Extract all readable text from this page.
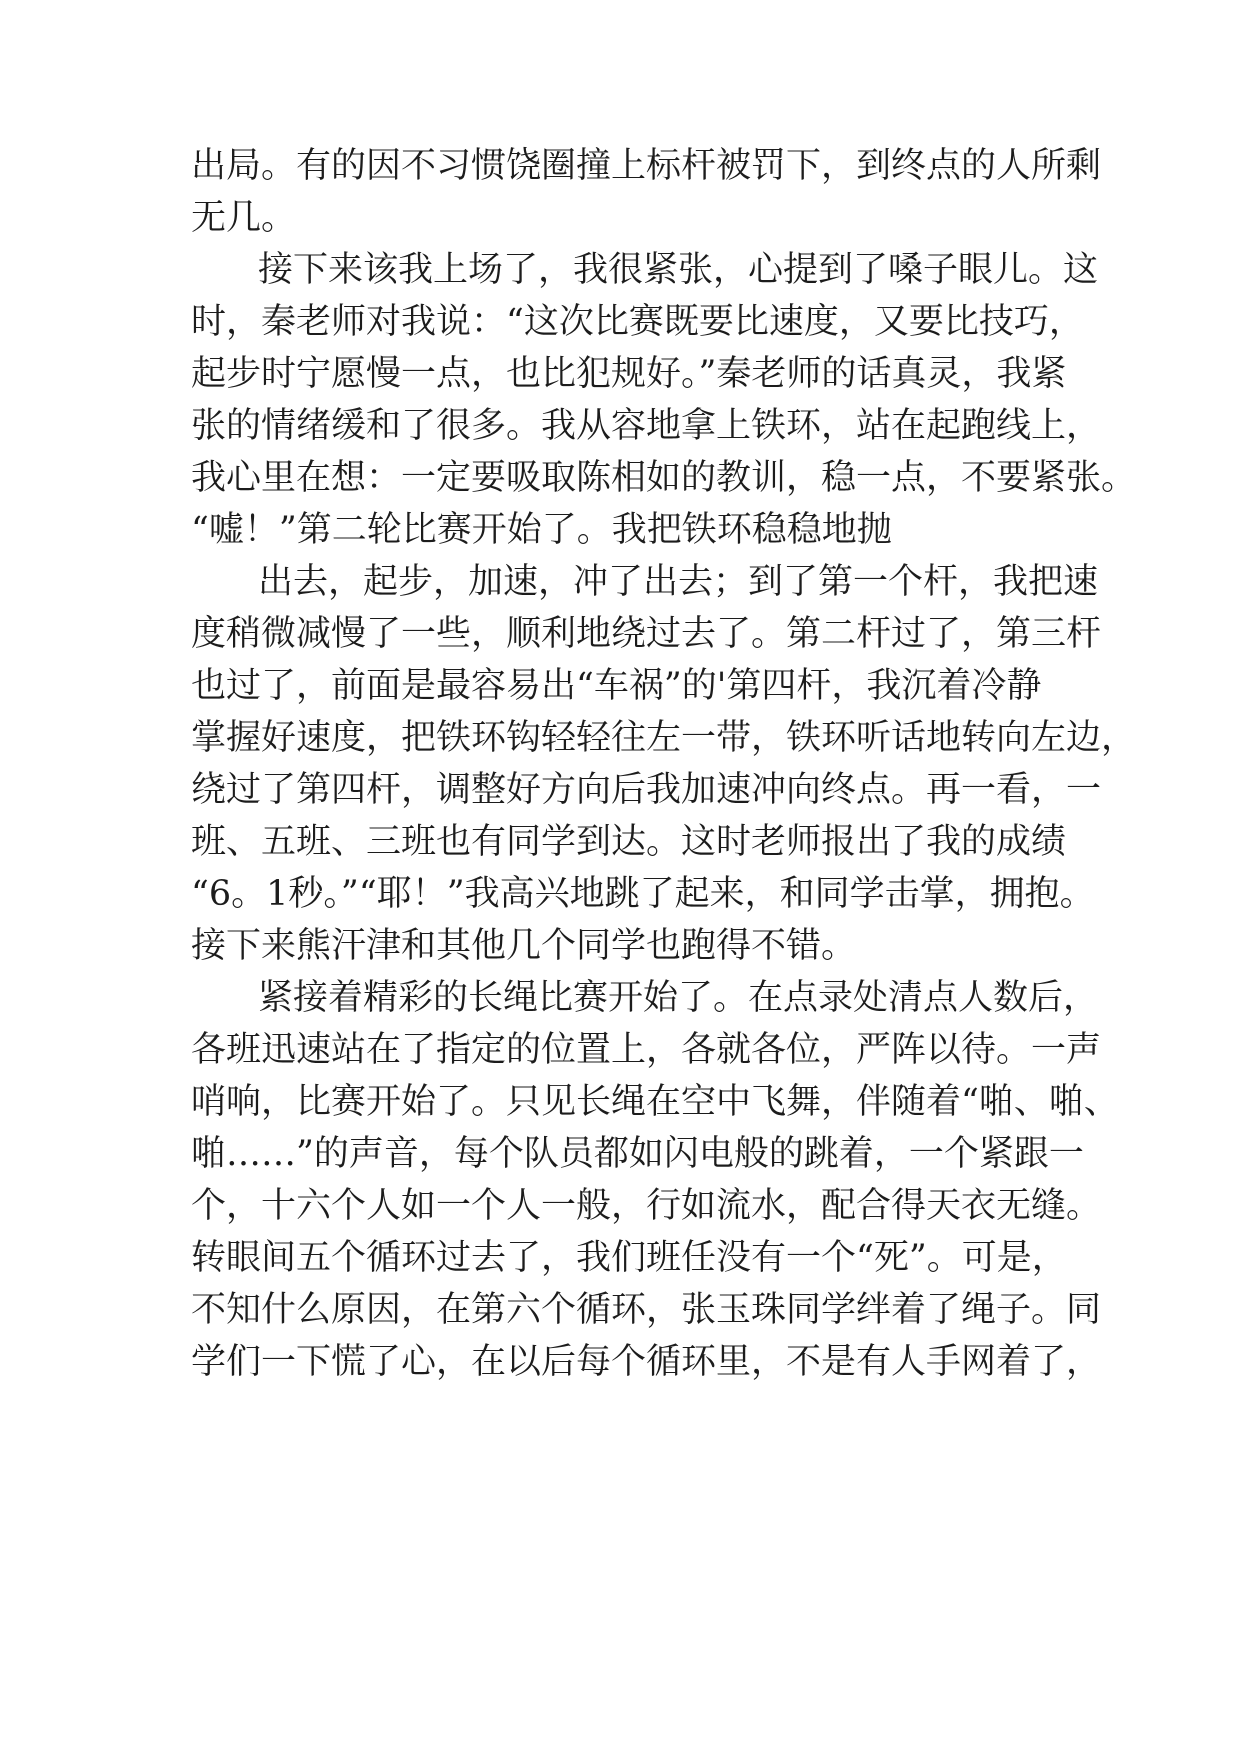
出局。有的因不习惯饶圈撞上标杆被罚下，到终点的人所剩
无几。
接下来该我上场了，我很紧张，心提到了嗓子眼儿。这
时，秦老师对我说：“这次比赛既要比速度，又要比技巧，
起步时宁愿慢一点，也比犯规好。”秦老师的话真灵，我紧
张的情绪缓和了很多。我从容地拿上铁环，站在起跑线上，
我心里在想：一定要吸取陈相如的教训，稳一点，不要紧张。
“嘘！”第二轮比赛开始了。我把铁环稳稳地抛
出去，起步，加速，冲了出去；到了第一个杆，我把速
度稍微减慢了一些，顺利地绕过去了。第二杆过了，第三杆
也过了，前面是最容易出“车祸”的'第四杆，我沉着冷静
掌握好速度，把铁环钩轻轻往左一带，铁环听话地转向左边，
绕过了第四杆，调整好方向后我加速冲向终点。再一看，一
班、五班、三班也有同学到达。这时老师报出了我的成绩
“6。1秒。”“耶！”我高兴地跳了起来，和同学击掌，拥抱。
接下来熊汗津和其他几个同学也跑得不错。
紧接着精彩的长绳比赛开始了。在点录处清点人数后，
各班迅速站在了指定的位置上，各就各位，严阵以待。一声
哨响，比赛开始了。只见长绳在空中飞舞，伴随着“啪、啪、
啪……”的声音，每个队员都如闪电般的跳着，一个紧跟一
个，十六个人如一个人一般，行如流水，配合得天衣无缝。
转眼间五个循环过去了，我们班任没有一个“死”。可是，
不知什么原因，在第六个循环，张玉珠同学绊着了绳子。同
学们一下慌了心，在以后每个循环里，不是有人手网着了，
